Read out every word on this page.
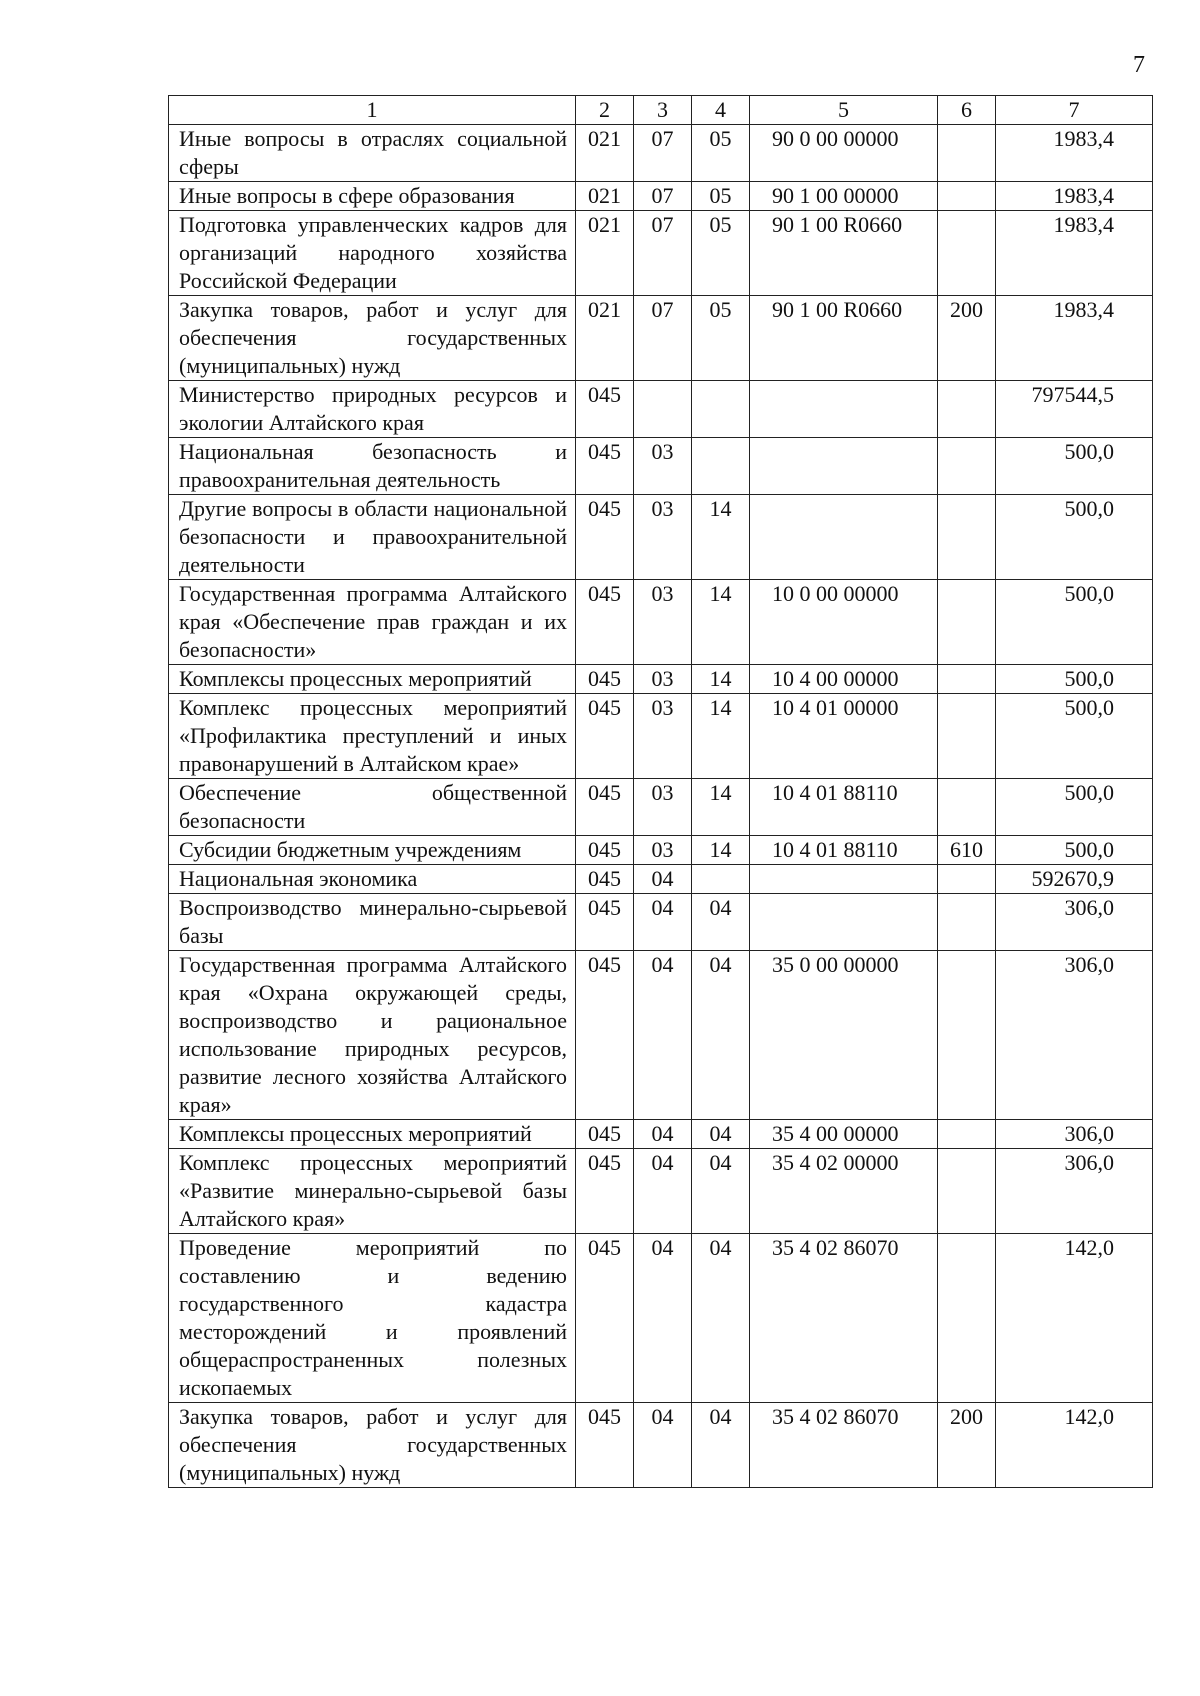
7
1	2	3	4	5	6	7
Иные вопросы в отраслях социальной сферы	021	07	05	90 0 00 00000		1983,4
Иные вопросы в сфере образования	021	07	05	90 1 00 00000		1983,4
Подготовка управленческих кадров для организаций народного хозяйства Российской Федерации	021	07	05	90 1 00 R0660		1983,4
Закупка товаров, работ и услуг для обеспечения государственных (муниципальных) нужд	021	07	05	90 1 00 R0660	200	1983,4
Министерство природных ресурсов и экологии Алтайского края	045					797544,5
Национальная безопасность и правоохранительная деятельность	045	03				500,0
Другие вопросы в области национальной безопасности и правоохранительной деятельности	045	03	14			500,0
Государственная программа Алтайского края «Обеспечение прав граждан и их безопасности»	045	03	14	10 0 00 00000		500,0
Комплексы процессных мероприятий	045	03	14	10 4 00 00000		500,0
Комплекс процессных мероприятий «Профилактика преступлений и иных правонарушений в Алтайском крае»	045	03	14	10 4 01 00000		500,0
Обеспечение общественной безопасности	045	03	14	10 4 01 88110		500,0
Субсидии бюджетным учреждениям	045	03	14	10 4 01 88110	610	500,0
Национальная экономика	045	04				592670,9
Воспроизводство минерально-сырьевой базы	045	04	04			306,0
Государственная программа Алтайского края «Охрана окружающей среды, воспроизводство и рациональное использование природных ресурсов, развитие лесного хозяйства Алтайского края»	045	04	04	35 0 00 00000		306,0
Комплексы процессных мероприятий	045	04	04	35 4 00 00000		306,0
Комплекс процессных мероприятий «Развитие минерально-сырьевой базы Алтайского края»	045	04	04	35 4 02 00000		306,0
Проведение мероприятий по составлению и ведению государственного кадастра месторождений и проявлений общераспространенных полезных ископаемых	045	04	04	35 4 02 86070		142,0
Закупка товаров, работ и услуг для обеспечения государственных (муниципальных) нужд	045	04	04	35 4 02 86070	200	142,0
